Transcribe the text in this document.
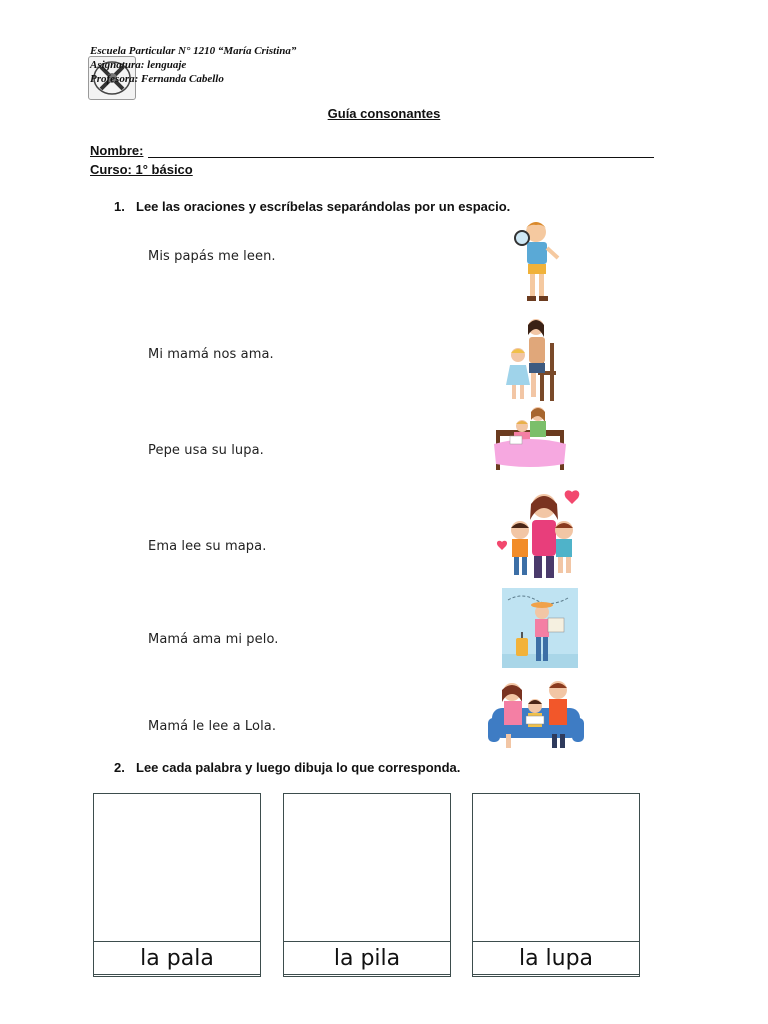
Escuela Particular N° 1210 “María Cristina”
Asignatura: lenguaje
Profesora: Fernanda Cabello
Guía consonantes
Nombre:
Curso: 1° básico
1. Lee las oraciones y escríbelas separándolas por un espacio.
Mis papás me leen.
Mi mamá nos ama.
Pepe usa su lupa.
Ema lee su mapa.
Mamá ama mi pelo.
Mamá le lee a Lola.
2. Lee cada palabra y luego dibuja lo que corresponda.
la pala	la pila	la lupa
